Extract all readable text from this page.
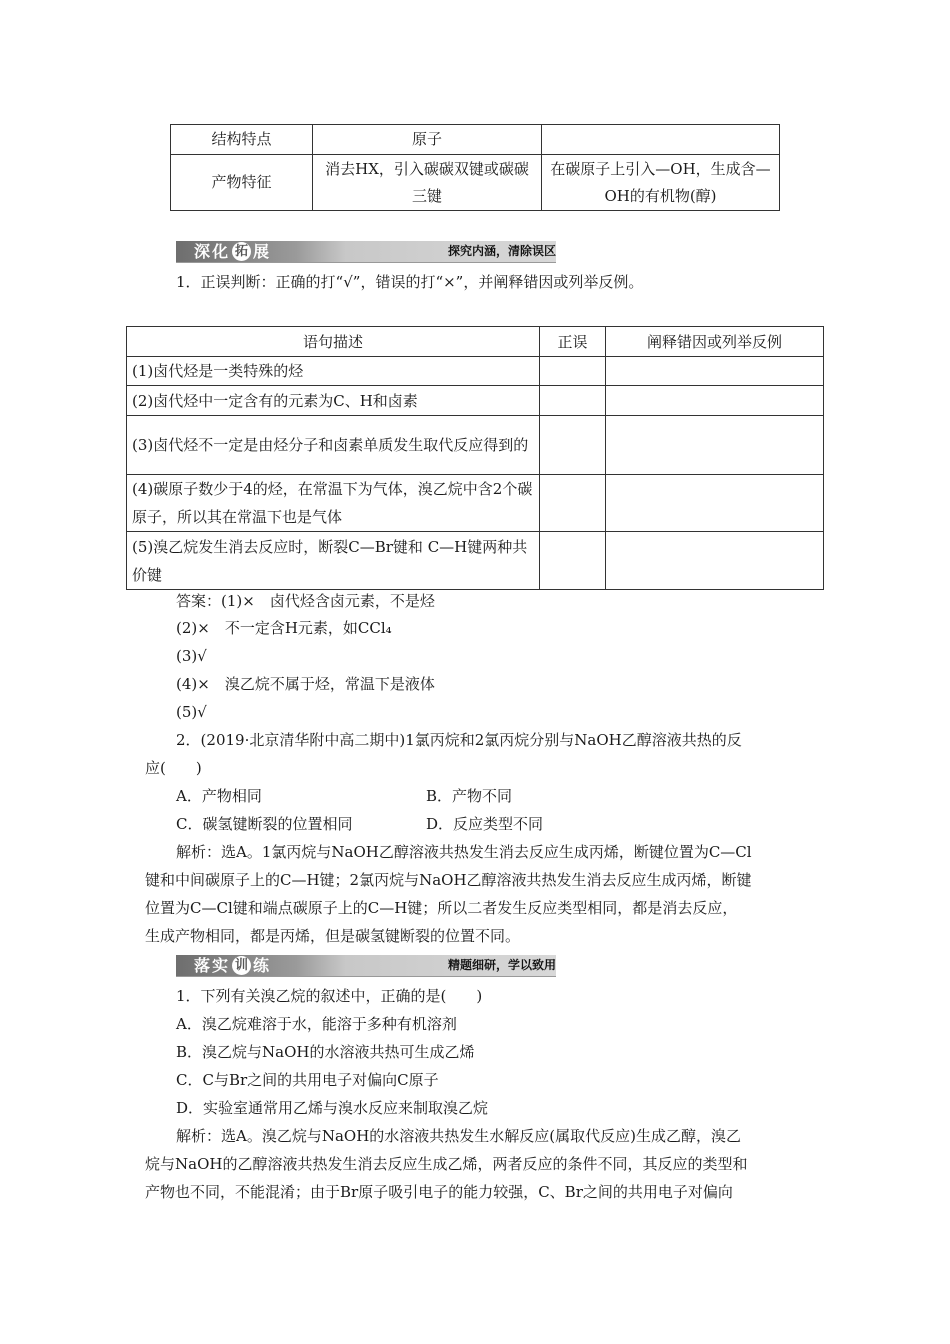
结构特点	原子	
产物特征	消去HX，引入碳碳双键或碳碳三键	在碳原子上引入—OH，生成含—OH的有机物(醇)
深化 拓 展	探究内涵，清除误区
1．正误判断：正确的打“√”，错误的打“×”，并阐释错因或列举反例。
语句描述	正误	阐释错因或列举反例
(1)卤代烃是一类特殊的烃		
(2)卤代烃中一定含有的元素为C、H和卤素		
(3)卤代烃不一定是由烃分子和卤素单质发生取代反应得到的		
(4)碳原子数少于4的烃，在常温下为气体，溴乙烷中含2个碳原子，所以其在常温下也是气体		
(5)溴乙烷发生消去反应时，断裂C—Br键和 C—H键两种共价键		
答案：(1)×　卤代烃含卤元素，不是烃
(2)×　不一定含H元素，如CCl₄
(3)√
(4)×　溴乙烷不属于烃，常温下是液体
(5)√
2．(2019·北京清华附中高二期中)1氯丙烷和2氯丙烷分别与NaOH乙醇溶液共热的反
应(　　)
A．产物相同	B．产物不同
C．碳氢键断裂的位置相同	D．反应类型不同
解析：选A。1氯丙烷与NaOH乙醇溶液共热发生消去反应生成丙烯，断键位置为C—Cl
键和中间碳原子上的C—H键；2氯丙烷与NaOH乙醇溶液共热发生消去反应生成丙烯，断键
位置为C—Cl键和端点碳原子上的C—H键；所以二者发生反应类型相同，都是消去反应，
生成产物相同，都是丙烯，但是碳氢键断裂的位置不同。
落实 训 练	精题细研，学以致用
1．下列有关溴乙烷的叙述中，正确的是(　　)
A．溴乙烷难溶于水，能溶于多种有机溶剂
B．溴乙烷与NaOH的水溶液共热可生成乙烯
C．C与Br之间的共用电子对偏向C原子
D．实验室通常用乙烯与溴水反应来制取溴乙烷
解析：选A。溴乙烷与NaOH的水溶液共热发生水解反应(属取代反应)生成乙醇，溴乙
烷与NaOH的乙醇溶液共热发生消去反应生成乙烯，两者反应的条件不同，其反应的类型和
产物也不同，不能混淆；由于Br原子吸引电子的能力较强，C、Br之间的共用电子对偏向
